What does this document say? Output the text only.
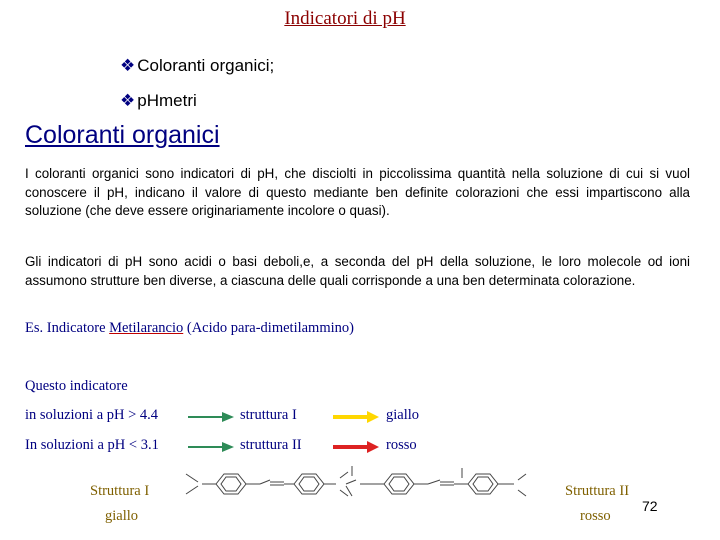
Indicatori di pH
❖ Coloranti organici;
❖ pHmetri
Coloranti organici
I coloranti organici sono indicatori di pH, che disciolti in piccolissima quantità nella soluzione di cui si vuol conoscere il pH, indicano il valore di questo mediante ben definite colorazioni che essi impartiscono alla soluzione (che deve essere originariamente incolore o quasi).
Gli indicatori di pH sono acidi o basi deboli,e, a seconda del pH della soluzione, le loro molecole od ioni assumono strutture ben diverse, a ciascuna delle quali corrisponde a una ben determinata colorazione.
Es. Indicatore Metilarancio (Acido para-dimetilammino)
Questo indicatore
in soluzioni a pH > 4.4	struttura I	giallo
In soluzioni a pH < 3.1	struttura II	rosso
Struttura I
giallo
Struttura II
rosso
72
